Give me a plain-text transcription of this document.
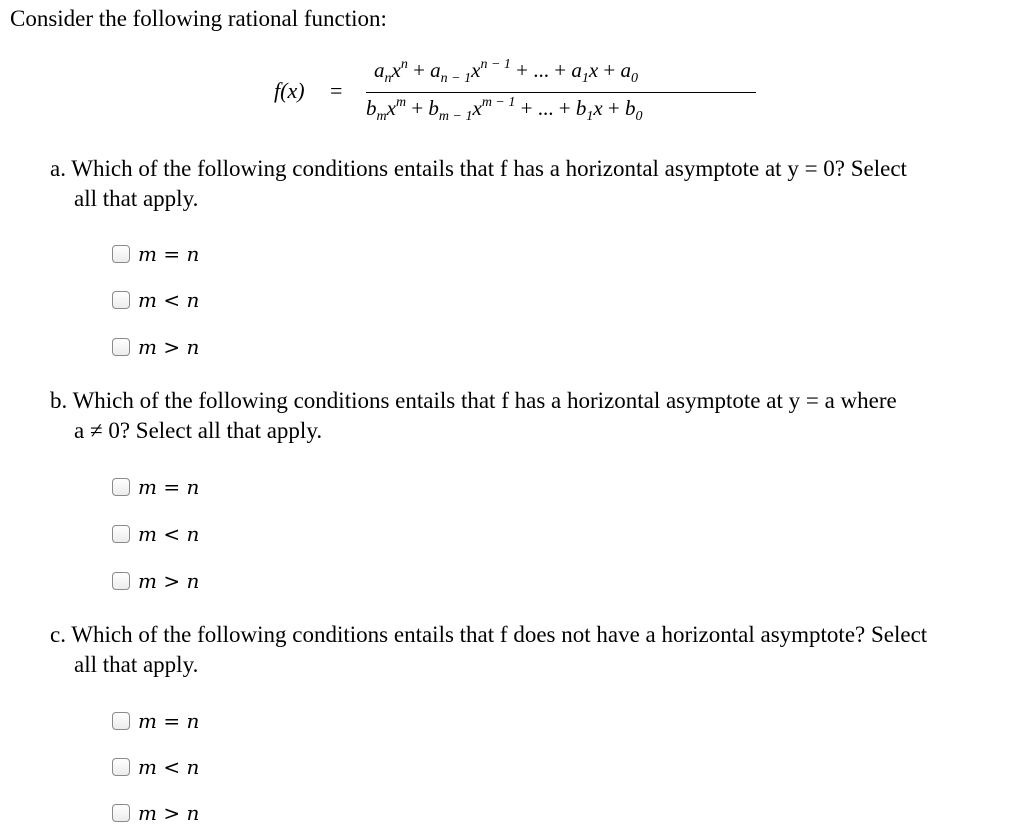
Consider the following rational function:
f(x) =
$a_nx^n + a_{n - 1}x^{n - 1}$ + ... + $a_1x + a_0$
$b_mx^m + b_{m - 1}x^{m - 1}$ + ... + $b_1x + b_0$
a. Which of the following conditions entails that f has a horizontal asymptote at y = 0? Select
all that apply.
m = n
m < n
m > n
b. Which of the following conditions entails that f has a horizontal asymptote at y = a where
a ≠ 0? Select all that apply.
m = n
m < n
m > n
c. Which of the following conditions entails that f does not have a horizontal asymptote? Select
all that apply.
m = n
m < n
m > n
